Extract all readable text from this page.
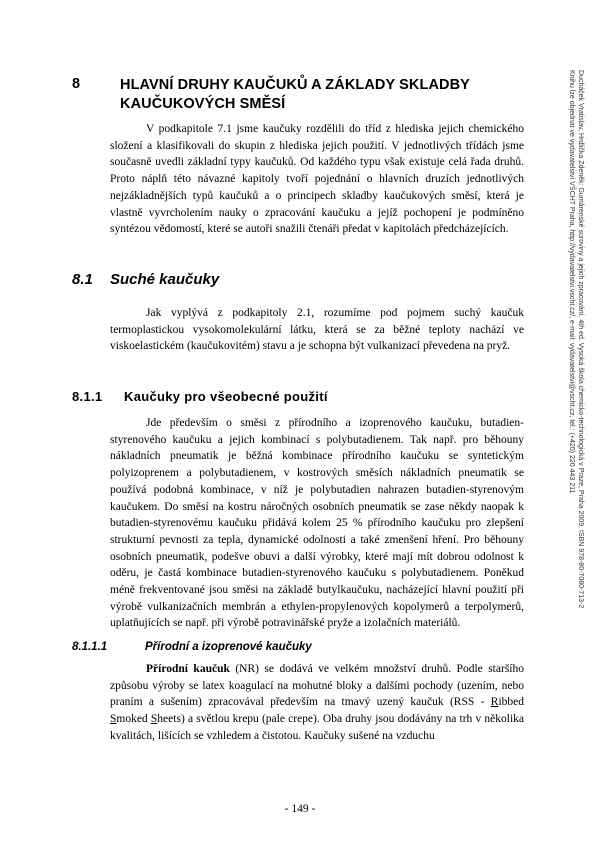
8	HLAVNÍ DRUHY KAUČUKŮ A ZÁKLADY SKLADBY KAUČUKOVÝCH SMĚSÍ

V podkapitole 7.1 jsme kaučuky rozdělili do tříd z hlediska jejich chemického složení a klasifikovali do skupin z hlediska jejich použití. V jednotlivých třídách jsme současně uvedli základní typy kaučuků. Od každého typu však existuje celá řada druhů. Proto náplň této návazné kapitoly tvoří pojednání o hlavních druzích jednotlivých nejzákladnějších typů kaučuků a o principech skladby kaučukových směsí, která je vlastně vyvrcholením nauky o zpracování kaučuku a jejíž pochopení je podmíněno syntézou vědomostí, které se autoři snažili čtenáři předat v kapitolách předcházejících.

8.1 Suché kaučuky

Jak vyplývá z podkapitoly 2.1, rozumíme pod pojmem suchý kaučuk termoplastickou vysokomolekulární látku, která se za běžné teploty nachází ve viskoelastickém (kaučukovitém) stavu a je schopna být vulkanizací převedena na pryž.

8.1.1 Kaučuky pro všeobecné použití

Jde především o směsi z přírodního a izoprenového kaučuku, butadien-styrenového kaučuku a jejich kombinací s polybutadienem. Tak např. pro běhouny nákladních pneumatik je běžná kombinace přírodního kaučuku se syntetickým polyizoprenem a polybutadienem, v kostrových směsích nákladních pneumatik se používá podobná kombinace, v níž je polybutadien nahrazen butadien-styrenovým kaučukem. Do směsí na kostru náročných osobních pneumatik se zase někdy naopak k butadien-styrenovému kaučuku přidává kolem 25 % přírodního kaučuku pro zlepšení strukturní pevnosti za tepla, dynamické odolnosti a také zmenšení hření. Pro běhouny osobních pneumatik, podešve obuvi a další výrobky, které mají mít dobrou odolnost k oděru, je častá kombinace butadien-styrenového kaučuku s polybutadienem. Poněkud méně frekventované jsou směsi na základě butylkaučuku, nacházející hlavní použití při výrobě vulkanizačních membrán a ethylen-propylenových kopolymerů a terpolymerů, uplatňujících se např. při výrobě potravinářské pryže a izolačních materiálů.

8.1.1.1	Přírodní a izoprenové kaučuky

Přírodní kaučuk (NR) se dodává ve velkém množství druhů. Podle staršího způsobu výroby se latex koagulací na mohutné bloky a dalšími pochody (uzením, nebo praním a sušením) zpracovával především na tmavý uzený kaučuk (RSS - Ribbed Smoked Sheets) a světlou krepu (pale crepe). Oba druhy jsou dodávány na trh v několika kvalitách, lišících se vzhledem a čistotou. Kaučuky sušené na vzduchu

Ducháček Vratislav, Hrdlička Zdeněk: Gumárenské suroviny a jejich zpracování. 4th ed. Vysoká škola chemicko-technologická v Praze, Praha 2009. ISBN 978-80-7080-713-2
Knihu lze objednat ve vydavatelství VŠCHT Praha, http://vydavatelstvi.vscht.cz/, e-mail: vydavatelstvi@vscht.cz, tel.: (+420) 220 443 211
- 149 -
